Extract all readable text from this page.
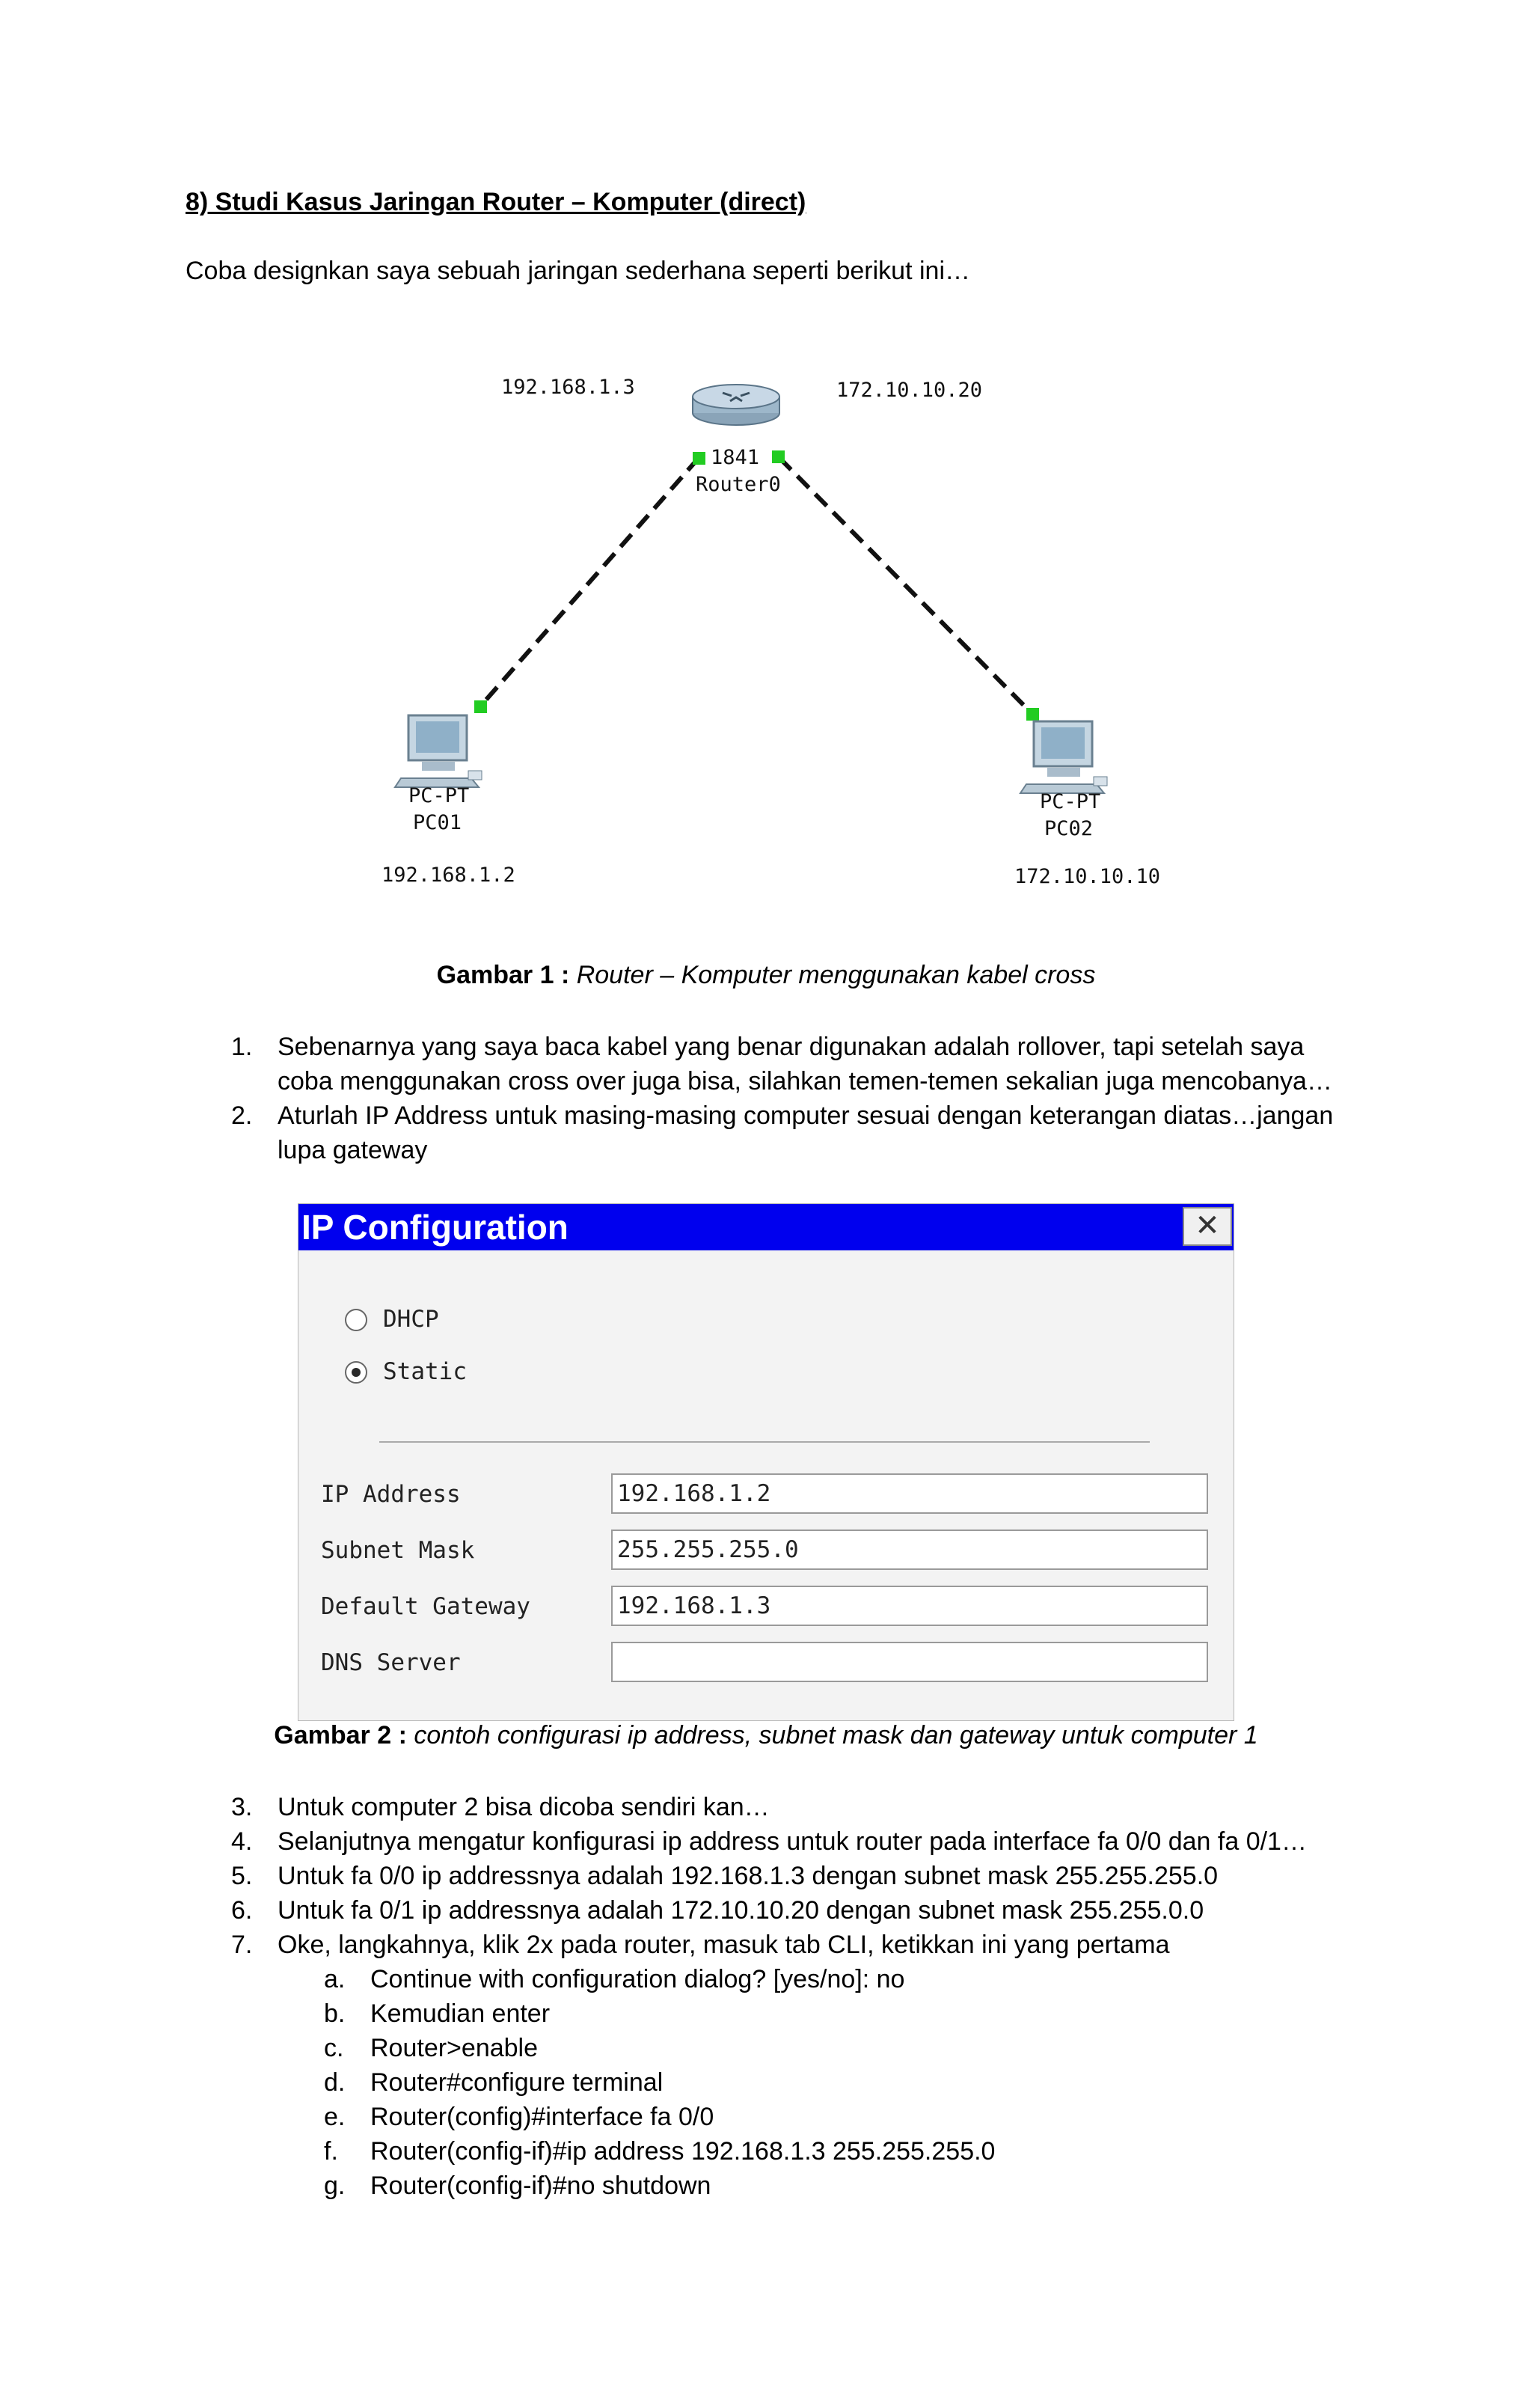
8) Studi Kasus Jaringan Router – Komputer (direct)
Coba designkan saya sebuah jaringan sederhana seperti berikut ini…
192.168.1.3	172.10.10.20
1841
Router0
PC-PT
PC01
192.168.1.2
PC-PT
PC02
172.10.10.10
Gambar 1 : Router – Komputer menggunakan kabel cross
1. Sebenarnya yang saya baca kabel yang benar digunakan adalah rollover, tapi setelah saya
coba menggunakan cross over juga bisa, silahkan temen-temen sekalian juga mencobanya…
2. Aturlah IP Address untuk masing-masing computer sesuai dengan keterangan diatas…jangan
lupa gateway
IP Configuration	✕
DHCP
Static
IP Address	192.168.1.2
Subnet Mask	255.255.255.0
Default Gateway	192.168.1.3
DNS Server
Gambar 2 : contoh configurasi ip address, subnet mask dan gateway untuk computer 1
3. Untuk computer 2 bisa dicoba sendiri kan…
4. Selanjutnya mengatur konfigurasi ip address untuk router pada interface fa 0/0 dan fa 0/1…
5. Untuk fa 0/0 ip addressnya adalah 192.168.1.3 dengan subnet mask 255.255.255.0
6. Untuk fa 0/1 ip addressnya adalah 172.10.10.20 dengan subnet mask 255.255.0.0
7. Oke, langkahnya, klik 2x pada router, masuk tab CLI, ketikkan ini yang pertama
a. Continue with configuration dialog? [yes/no]: no
b. Kemudian enter
c. Router>enable
d. Router#configure terminal
e. Router(config)#interface fa 0/0
f. Router(config-if)#ip address 192.168.1.3 255.255.255.0
g. Router(config-if)#no shutdown
